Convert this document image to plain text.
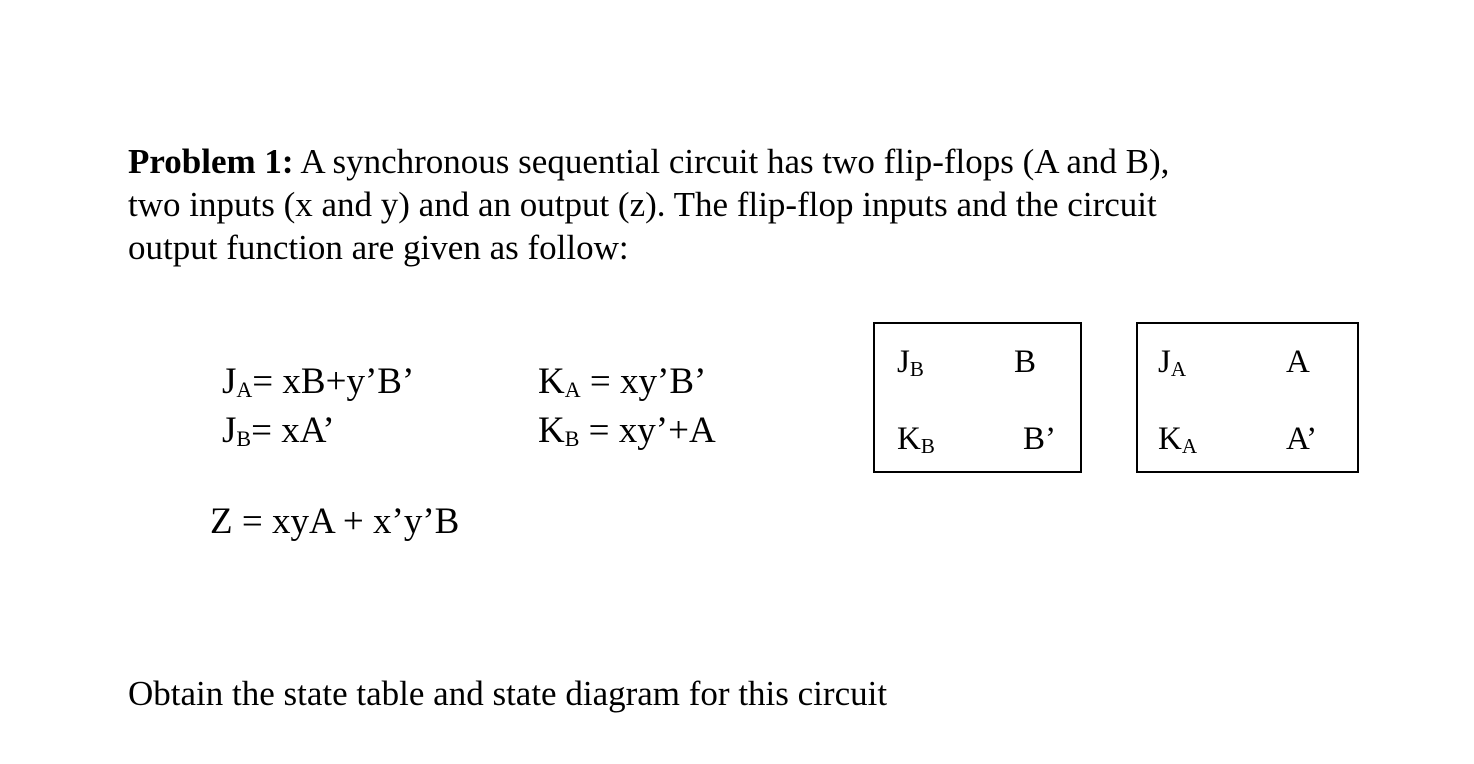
Problem 1: A synchronous sequential circuit has two flip-flops (A and B),
two inputs (x and y) and an output (z). The flip-flop inputs and the circuit
output function are given as follow:

$J_A=$ xB+y’B’
$J_B=$ xA’
$K_A$ = xy’B’
$K_B$ = xy’+A
Z = xyA + x’y’B
$J_B$	B
$K_B$	B’
$J_A$	A
$K_A$	A’
Obtain the state table and state diagram for this circuit
